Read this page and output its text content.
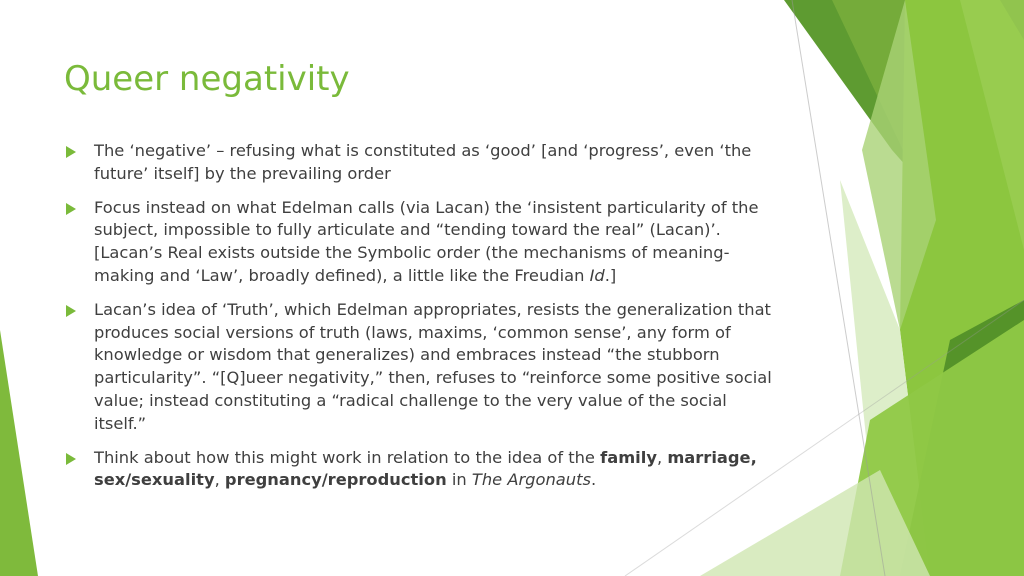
Queer negativity
The ‘negative’ – refusing what is constituted as ‘good’ [and ‘progress’, even ‘the future’ itself] by the prevailing order
Focus instead on what Edelman calls (via Lacan) the ‘insistent particularity of the subject, impossible to fully articulate and “tending toward the real” (Lacan)’. [Lacan’s Real exists outside the Symbolic order (the mechanisms of meaning-making and ‘Law’, broadly defined), a little like the Freudian Id.]
Lacan’s idea of ‘Truth’, which Edelman appropriates, resists the generalization that produces social versions of truth (laws, maxims, ‘common sense’, any form of knowledge or wisdom that generalizes) and embraces instead “the stubborn particularity”. “[Q]ueer negativity,” then, refuses to “reinforce some positive social value; instead constituting a “radical challenge to the very value of the social itself.”
Think about how this might work in relation to the idea of the family, marriage, sex/sexuality, pregnancy/reproduction in The Argonauts.
